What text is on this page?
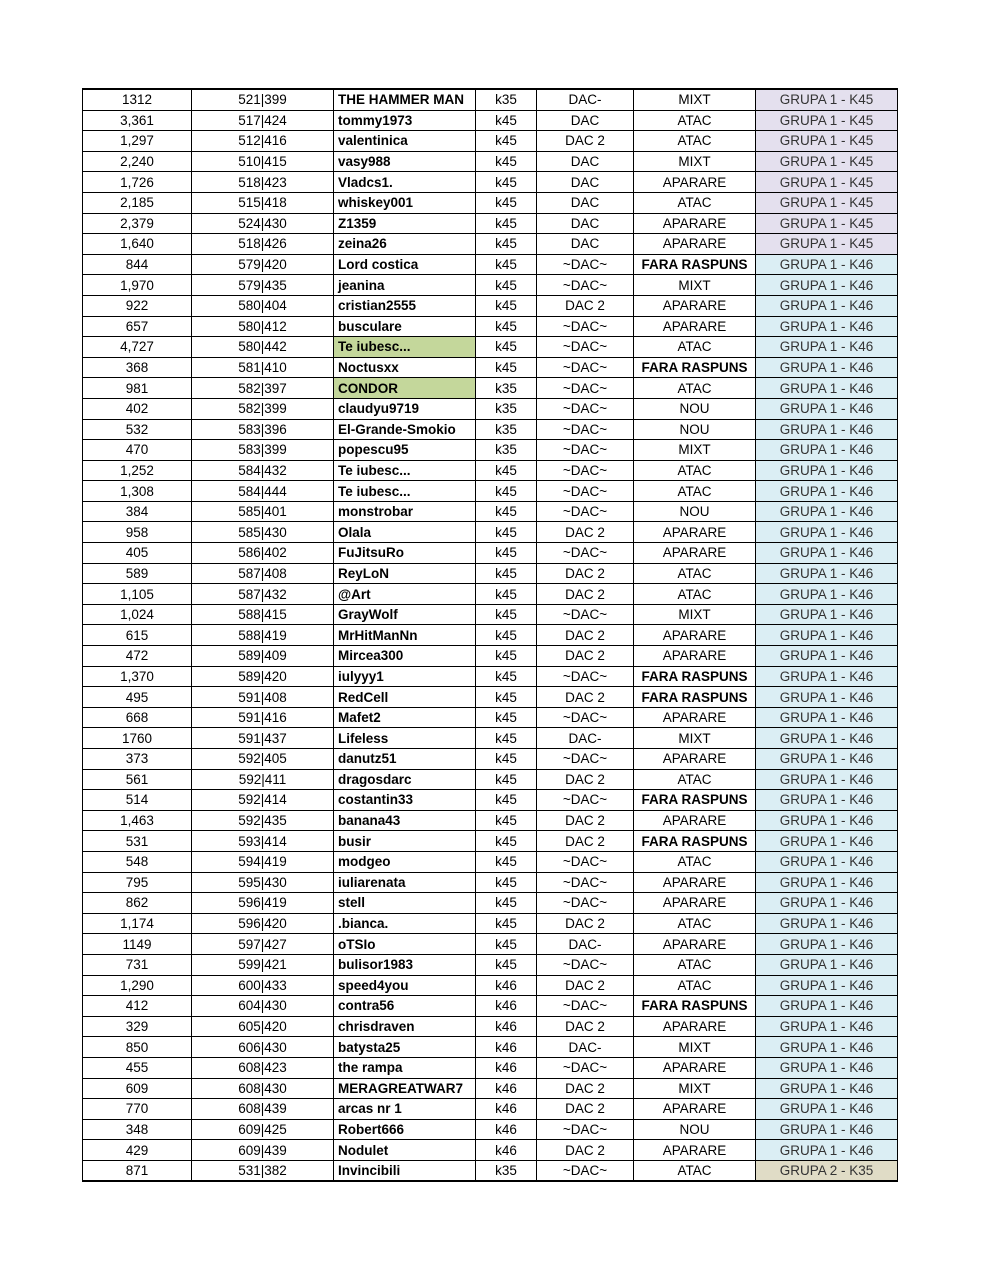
1312	521|399	THE HAMMER MAN	k35	DAC-	MIXT	GRUPA 1 - K45
3,361	517|424	tommy1973	k45	DAC	ATAC	GRUPA 1 - K45
1,297	512|416	valentinica	k45	DAC 2	ATAC	GRUPA 1 - K45
2,240	510|415	vasy988	k45	DAC	MIXT	GRUPA 1 - K45
1,726	518|423	Vladcs1.	k45	DAC	APARARE	GRUPA 1 - K45
2,185	515|418	whiskey001	k45	DAC	ATAC	GRUPA 1 - K45
2,379	524|430	Z1359	k45	DAC	APARARE	GRUPA 1 - K45
1,640	518|426	zeina26	k45	DAC	APARARE	GRUPA 1 - K45
844	579|420	Lord costica	k45	~DAC~	FARA RASPUNS	GRUPA 1 - K46
1,970	579|435	jeanina	k45	~DAC~	MIXT	GRUPA 1 - K46
922	580|404	cristian2555	k45	DAC 2	APARARE	GRUPA 1 - K46
657	580|412	busculare	k45	~DAC~	APARARE	GRUPA 1 - K46
4,727	580|442	Te iubesc...	k45	~DAC~	ATAC	GRUPA 1 - K46
368	581|410	Noctusxx	k45	~DAC~	FARA RASPUNS	GRUPA 1 - K46
981	582|397	CONDOR	k35	~DAC~	ATAC	GRUPA 1 - K46
402	582|399	claudyu9719	k35	~DAC~	NOU	GRUPA 1 - K46
532	583|396	El-Grande-Smokio	k35	~DAC~	NOU	GRUPA 1 - K46
470	583|399	popescu95	k35	~DAC~	MIXT	GRUPA 1 - K46
1,252	584|432	Te iubesc...	k45	~DAC~	ATAC	GRUPA 1 - K46
1,308	584|444	Te iubesc...	k45	~DAC~	ATAC	GRUPA 1 - K46
384	585|401	monstrobar	k45	~DAC~	NOU	GRUPA 1 - K46
958	585|430	Olala	k45	DAC 2	APARARE	GRUPA 1 - K46
405	586|402	FuJitsuRo	k45	~DAC~	APARARE	GRUPA 1 - K46
589	587|408	ReyLoN	k45	DAC 2	ATAC	GRUPA 1 - K46
1,105	587|432	@Art	k45	DAC 2	ATAC	GRUPA 1 - K46
1,024	588|415	GrayWolf	k45	~DAC~	MIXT	GRUPA 1 - K46
615	588|419	MrHitManNn	k45	DAC 2	APARARE	GRUPA 1 - K46
472	589|409	Mircea300	k45	DAC 2	APARARE	GRUPA 1 - K46
1,370	589|420	iulyyy1	k45	~DAC~	FARA RASPUNS	GRUPA 1 - K46
495	591|408	RedCell	k45	DAC 2	FARA RASPUNS	GRUPA 1 - K46
668	591|416	Mafet2	k45	~DAC~	APARARE	GRUPA 1 - K46
1760	591|437	Lifeless	k45	DAC-	MIXT	GRUPA 1 - K46
373	592|405	danutz51	k45	~DAC~	APARARE	GRUPA 1 - K46
561	592|411	dragosdarc	k45	DAC 2	ATAC	GRUPA 1 - K46
514	592|414	costantin33	k45	~DAC~	FARA RASPUNS	GRUPA 1 - K46
1,463	592|435	banana43	k45	DAC 2	APARARE	GRUPA 1 - K46
531	593|414	busir	k45	DAC 2	FARA RASPUNS	GRUPA 1 - K46
548	594|419	modgeo	k45	~DAC~	ATAC	GRUPA 1 - K46
795	595|430	iuliarenata	k45	~DAC~	APARARE	GRUPA 1 - K46
862	596|419	stell	k45	~DAC~	APARARE	GRUPA 1 - K46
1,174	596|420	.bianca.	k45	DAC 2	ATAC	GRUPA 1 - K46
1149	597|427	oTSIo	k45	DAC-	APARARE	GRUPA 1 - K46
731	599|421	bulisor1983	k45	~DAC~	ATAC	GRUPA 1 - K46
1,290	600|433	speed4you	k46	DAC 2	ATAC	GRUPA 1 - K46
412	604|430	contra56	k46	~DAC~	FARA RASPUNS	GRUPA 1 - K46
329	605|420	chrisdraven	k46	DAC 2	APARARE	GRUPA 1 - K46
850	606|430	batysta25	k46	DAC-	MIXT	GRUPA 1 - K46
455	608|423	the rampa	k46	~DAC~	APARARE	GRUPA 1 - K46
609	608|430	MERAGREATWAR7	k46	DAC 2	MIXT	GRUPA 1 - K46
770	608|439	arcas nr 1	k46	DAC 2	APARARE	GRUPA 1 - K46
348	609|425	Robert666	k46	~DAC~	NOU	GRUPA 1 - K46
429	609|439	Nodulet	k46	DAC 2	APARARE	GRUPA 1 - K46
871	531|382	Invincibili	k35	~DAC~	ATAC	GRUPA 2 - K35
